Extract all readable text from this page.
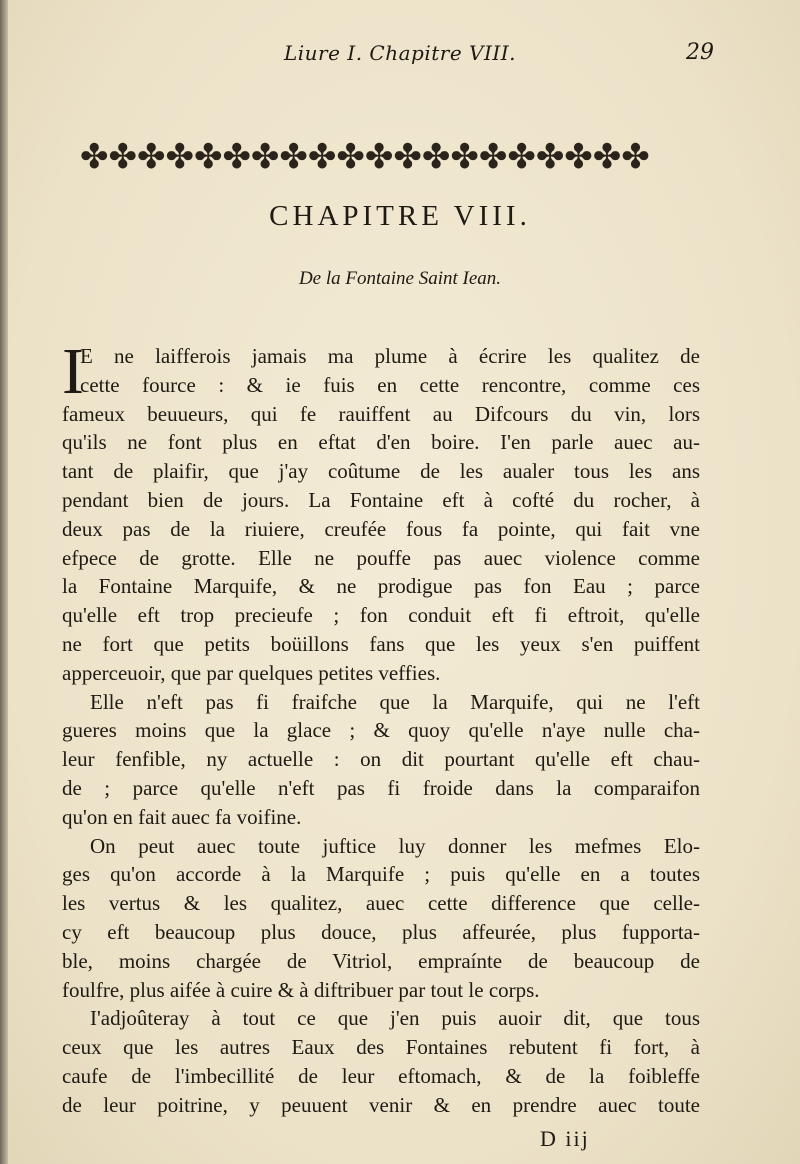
Liure I. Chapitre VIII.	29
✤✤✤✤✤✤✤✤✤✤✤✤✤✤✤✤✤✤✤✤
CHAPITRE VIII.
De la Fontaine Saint Iean.
I
E ne laifferois jamais ma plume à écrire les qualitez de
cette fource : & ie fuis en cette rencontre, comme ces
fameux beuueurs, qui fe rauiffent au Difcours du vin, lors
qu'ils ne font plus en eftat d'en boire. I'en parle auec au-
tant de plaifir, que j'ay coûtume de les aualer tous les ans
pendant bien de jours. La Fontaine eft à cofté du rocher, à
deux pas de la riuiere, creufée fous fa pointe, qui fait vne
efpece de grotte. Elle ne pouffe pas auec violence comme
la Fontaine Marquife, & ne prodigue pas fon Eau ; parce
qu'elle eft trop precieufe ; fon conduit eft fi eftroit, qu'elle
ne fort que petits boüillons fans que les yeux s'en puiffent
apperceuoir, que par quelques petites veffies.
Elle n'eft pas fi fraifche que la Marquife, qui ne l'eft
gueres moins que la glace ; & quoy qu'elle n'aye nulle cha-
leur fenfible, ny actuelle : on dit pourtant qu'elle eft chau-
de ; parce qu'elle n'eft pas fi froide dans la comparaifon
qu'on en fait auec fa voifine.
On peut auec toute juftice luy donner les mefmes Elo-
ges qu'on accorde à la Marquife ; puis qu'elle en a toutes
les vertus & les qualitez, auec cette difference que celle-
cy eft beaucoup plus douce, plus affeurée, plus fupporta-
ble, moins chargée de Vitriol, empraínte de beaucoup de
foulfre, plus aifée à cuire & à diftribuer par tout le corps.
I'adjoûteray à tout ce que j'en puis auoir dit, que tous
ceux que les autres Eaux des Fontaines rebutent fi fort, à
caufe de l'imbecillité de leur eftomach, & de la foibleffe
de leur poitrine, y peuuent venir & en prendre auec toute
D iij
